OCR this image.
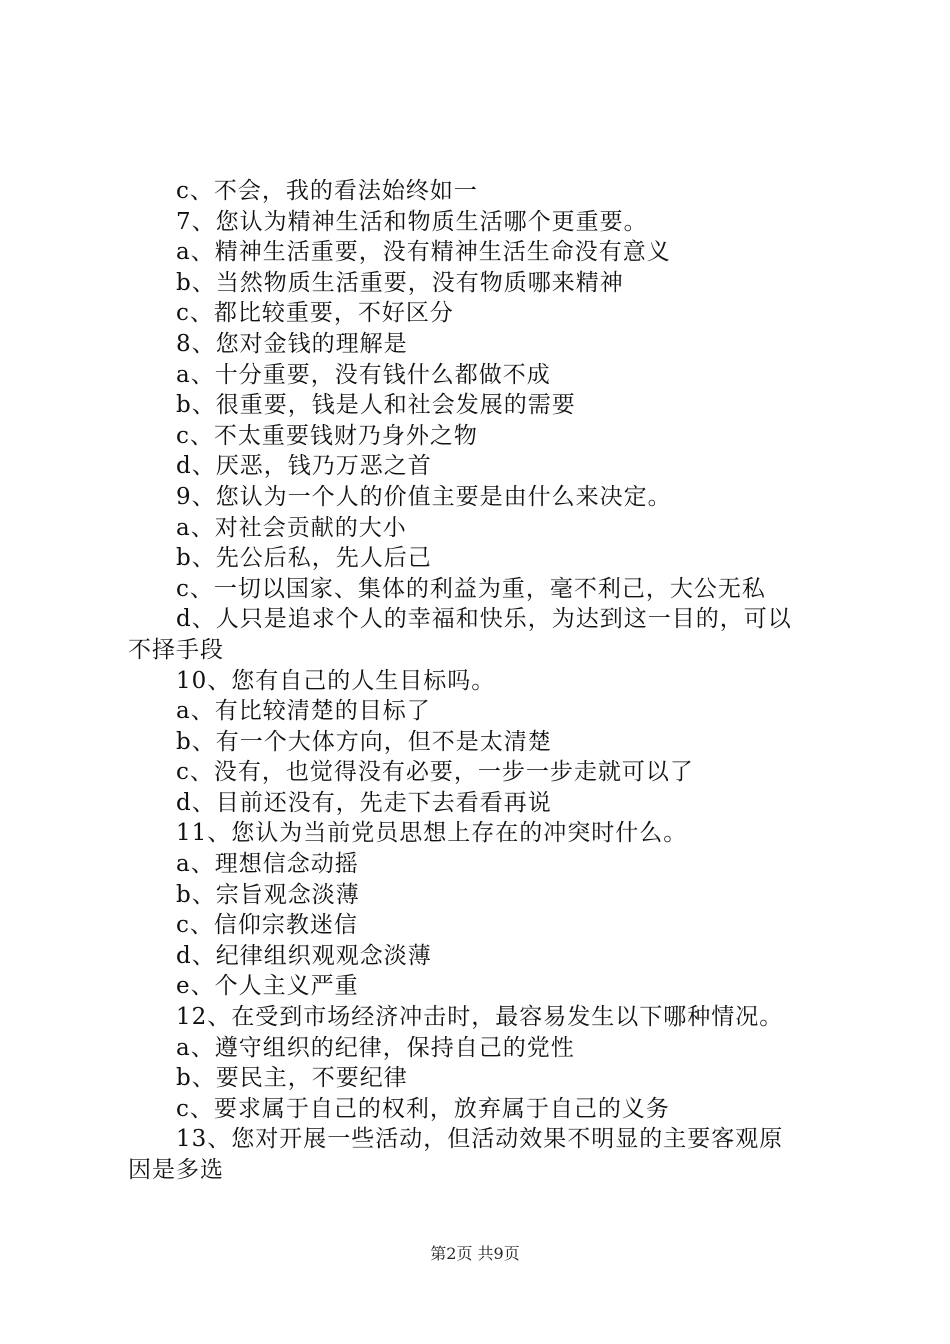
c、不会，我的看法始终如一
7、您认为精神生活和物质生活哪个更重要。
a、精神生活重要，没有精神生活生命没有意义
b、当然物质生活重要，没有物质哪来精神
c、都比较重要，不好区分
8、您对金钱的理解是
a、十分重要，没有钱什么都做不成
b、很重要，钱是人和社会发展的需要
c、不太重要钱财乃身外之物
d、厌恶，钱乃万恶之首
9、您认为一个人的价值主要是由什么来决定。
a、对社会贡献的大小
b、先公后私，先人后己
c、一切以国家、集体的利益为重，毫不利己，大公无私
d、人只是追求个人的幸福和快乐，为达到这一目的，可以
不择手段
10、您有自己的人生目标吗。
a、有比较清楚的目标了
b、有一个大体方向，但不是太清楚
c、没有，也觉得没有必要，一步一步走就可以了
d、目前还没有，先走下去看看再说
11、您认为当前党员思想上存在的冲突时什么。
a、理想信念动摇
b、宗旨观念淡薄
c、信仰宗教迷信
d、纪律组织观观念淡薄
e、个人主义严重
12、在受到市场经济冲击时，最容易发生以下哪种情况。
a、遵守组织的纪律，保持自己的党性
b、要民主，不要纪律
c、要求属于自己的权利，放弃属于自己的义务
13、您对开展一些活动，但活动效果不明显的主要客观原
因是多选
第2页 共9页
